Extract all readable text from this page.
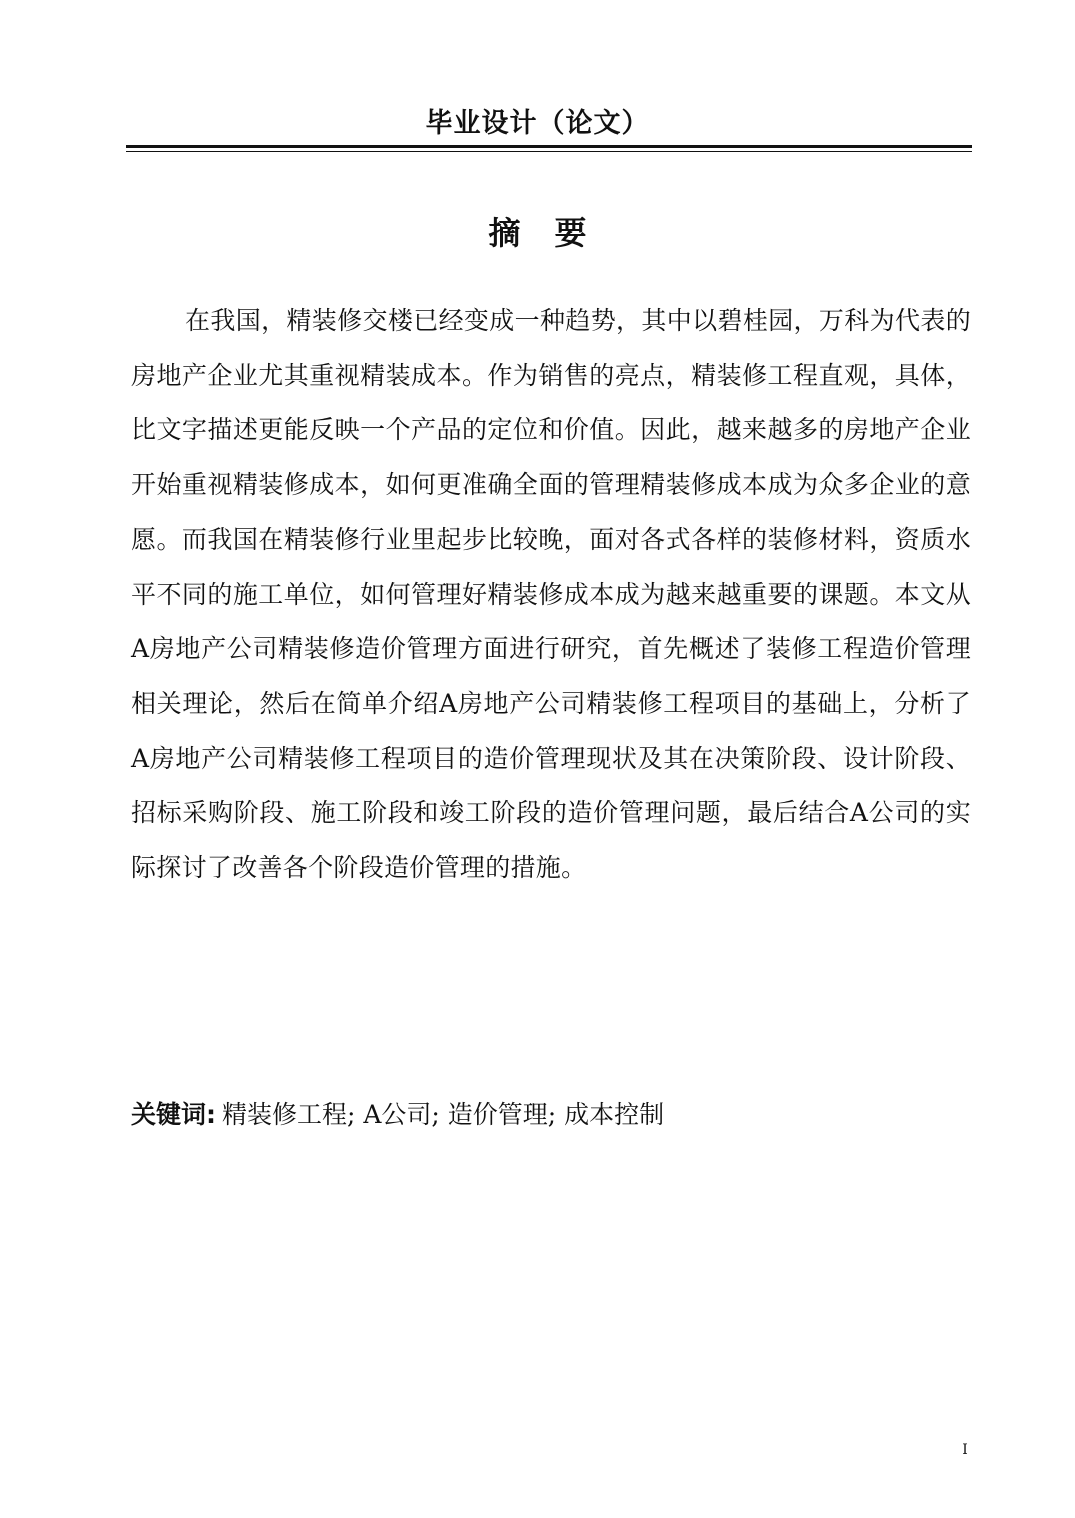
毕业设计（论文）
摘 要

在我国，精装修交楼已经变成一种趋势，其中以碧桂园，万科为代表的房地产企业尤其重视精装成本。作为销售的亮点，精装修工程直观，具体，比文字描述更能反映一个产品的定位和价值。因此，越来越多的房地产企业开始重视精装修成本，如何更准确全面的管理精装修成本成为众多企业的意愿。而我国在精装修行业里起步比较晚，面对各式各样的装修材料，资质水平不同的施工单位，如何管理好精装修成本成为越来越重要的课题。本文从A房地产公司精装修造价管理方面进行研究，首先概述了装修工程造价管理相关理论，然后在简单介绍A房地产公司精装修工程项目的基础上，分析了A房地产公司精装修工程项目的造价管理现状及其在决策阶段、设计阶段、招标采购阶段、施工阶段和竣工阶段的造价管理问题，最后结合A公司的实际探讨了改善各个阶段造价管理的措施。

关键词: 精装修工程; A公司; 造价管理; 成本控制
I
